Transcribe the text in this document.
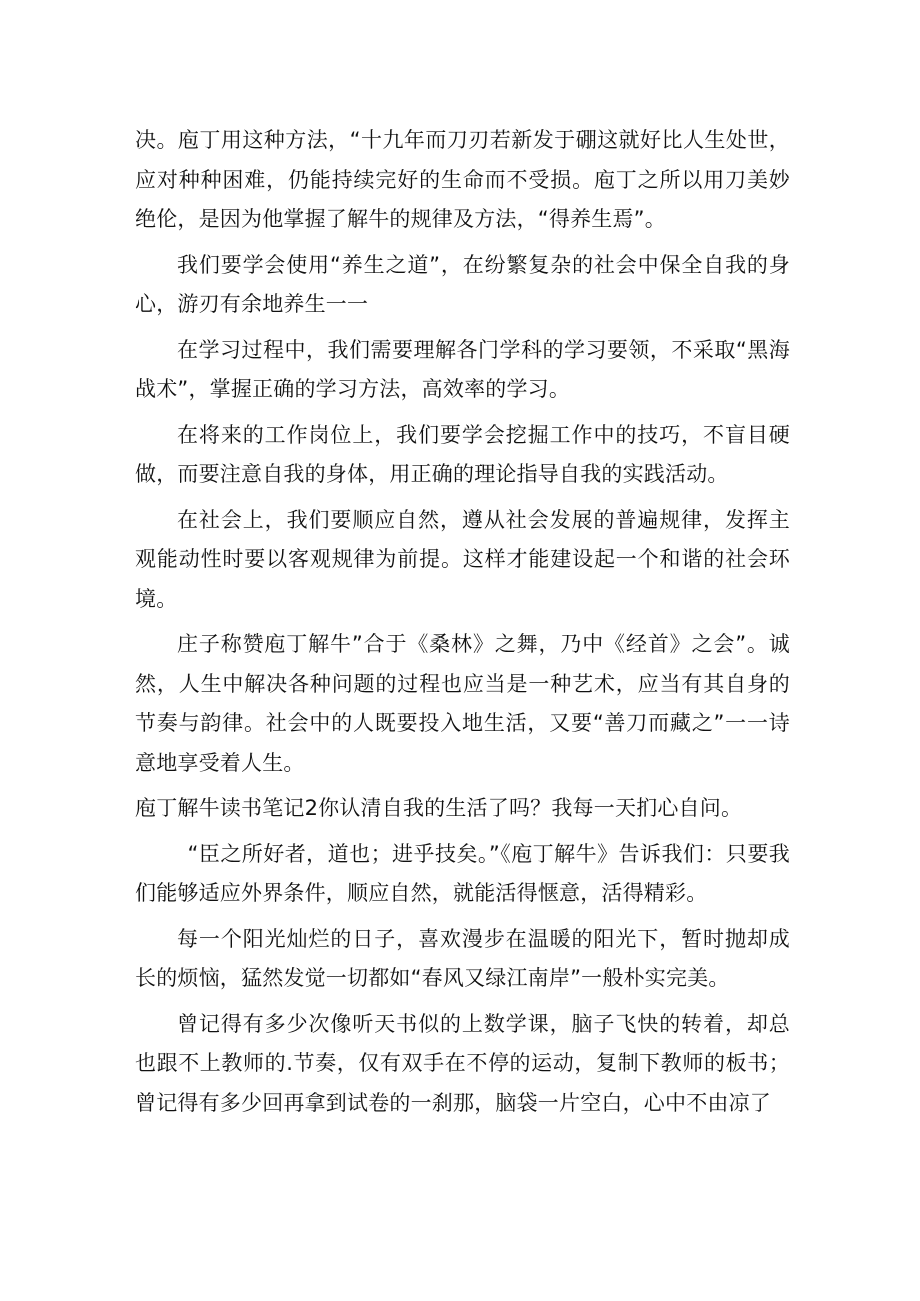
决。庖丁用这种方法，“十九年而刀刃若新发于硼这就好比人生处世，应对种种困难，仍能持续完好的生命而不受损。庖丁之所以用刀美妙绝伦，是因为他掌握了解牛的规律及方法，“得养生焉”。

我们要学会使用“养生之道”，在纷繁复杂的社会中保全自我的身心，游刃有余地养生一一

在学习过程中，我们需要理解各门学科的学习要领，不采取“黑海战术”，掌握正确的学习方法，高效率的学习。

在将来的工作岗位上，我们要学会挖掘工作中的技巧，不盲目硬做，而要注意自我的身体，用正确的理论指导自我的实践活动。

在社会上，我们要顺应自然，遵从社会发展的普遍规律，发挥主观能动性时要以客观规律为前提。这样才能建设起一个和谐的社会环境。

庄子称赞庖丁解牛”合于《桑林》之舞，乃中《经首》之会”。诚然，人生中解决各种问题的过程也应当是一种艺术，应当有其自身的节奏与韵律。社会中的人既要投入地生活，又要“善刀而藏之”一一诗意地享受着人生。

庖丁解牛读书笔记2你认清自我的生活了吗？我每一天扪心自问。

“臣之所好者，道也；进乎技矣。”《庖丁解牛》告诉我们：只要我们能够适应外界条件，顺应自然，就能活得惬意，活得精彩。

每一个阳光灿烂的日子，喜欢漫步在温暖的阳光下，暂时抛却成长的烦恼，猛然发觉一切都如“春风又绿江南岸”一般朴实完美。

曾记得有多少次像听天书似的上数学课，脑子飞快的转着，却总也跟不上教师的.节奏，仅有双手在不停的运动，复制下教师的板书；曾记得有多少回再拿到试卷的一刹那，脑袋一片空白，心中不由凉了
